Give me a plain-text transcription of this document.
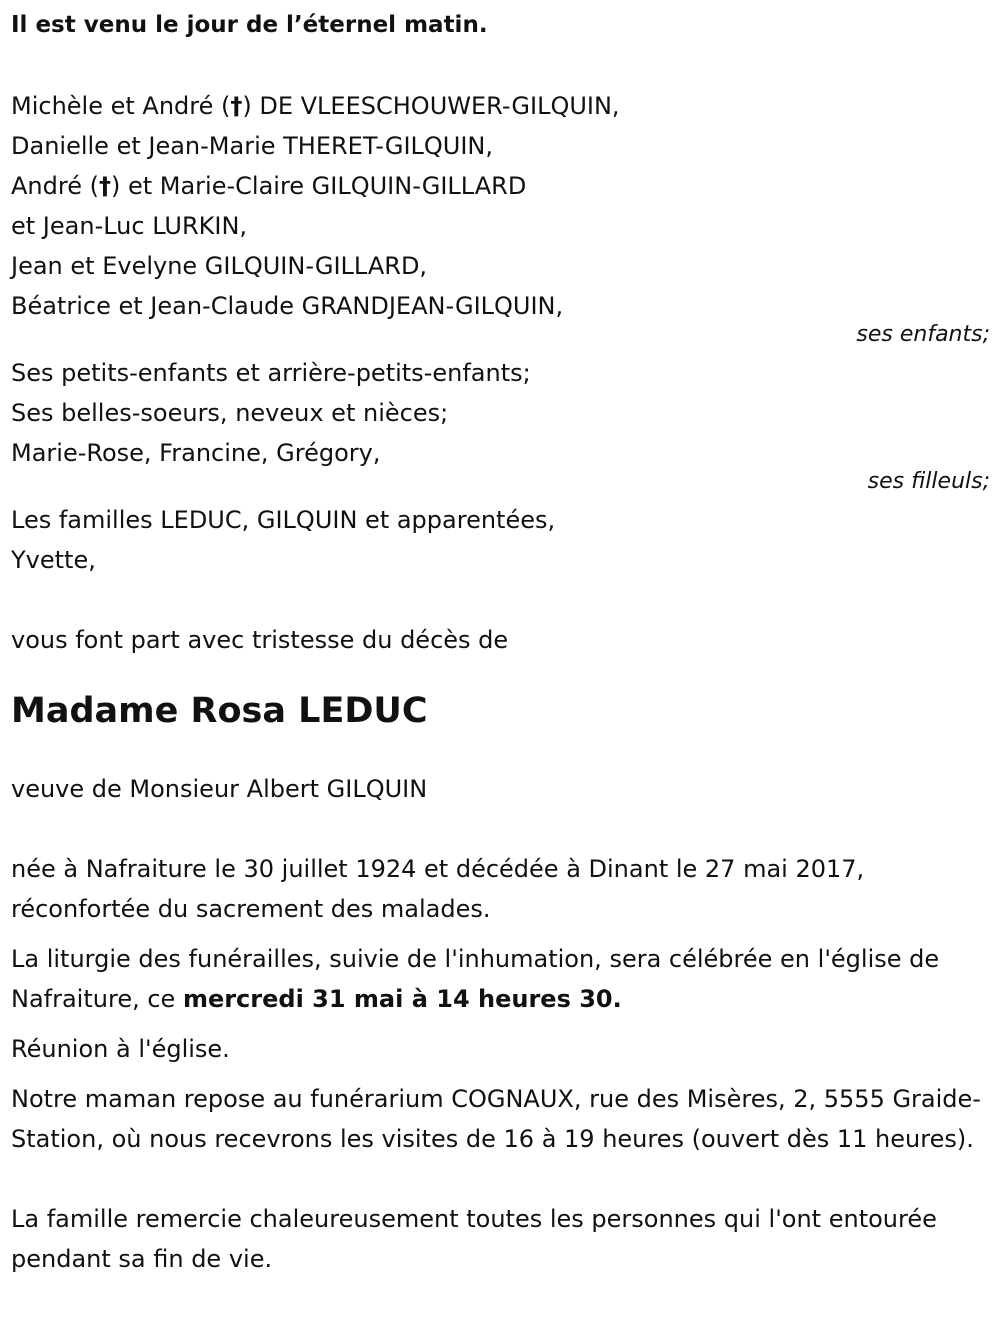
Il est venu le jour de l’éternel matin.
Michèle et André (†) DE VLEESCHOUWER-GILQUIN,
Danielle et Jean-Marie THERET-GILQUIN,
André (†) et Marie-Claire GILQUIN-GILLARD
et Jean-Luc LURKIN,
Jean et Evelyne GILQUIN-GILLARD,
Béatrice et Jean-Claude GRANDJEAN-GILQUIN,
ses enfants;
Ses petits-enfants et arrière-petits-enfants;
Ses belles-soeurs, neveux et nièces;
Marie-Rose, Francine, Grégory,
ses filleuls;
Les familles LEDUC, GILQUIN et apparentées,
Yvette,
vous font part avec tristesse du décès de
Madame Rosa LEDUC
veuve de Monsieur Albert GILQUIN
née à Nafraiture le 30 juillet 1924 et décédée à Dinant le 27 mai 2017, réconfortée du sacrement des malades.
La liturgie des funérailles, suivie de l'inhumation, sera célébrée en l'église de Nafraiture, ce mercredi 31 mai à 14 heures 30.
Réunion à l'église.
Notre maman repose au funérarium COGNAUX, rue des Misères, 2, 5555 Graide-Station, où nous recevrons les visites de 16 à 19 heures (ouvert dès 11 heures).
La famille remercie chaleureusement toutes les personnes qui l'ont entourée pendant sa fin de vie.
